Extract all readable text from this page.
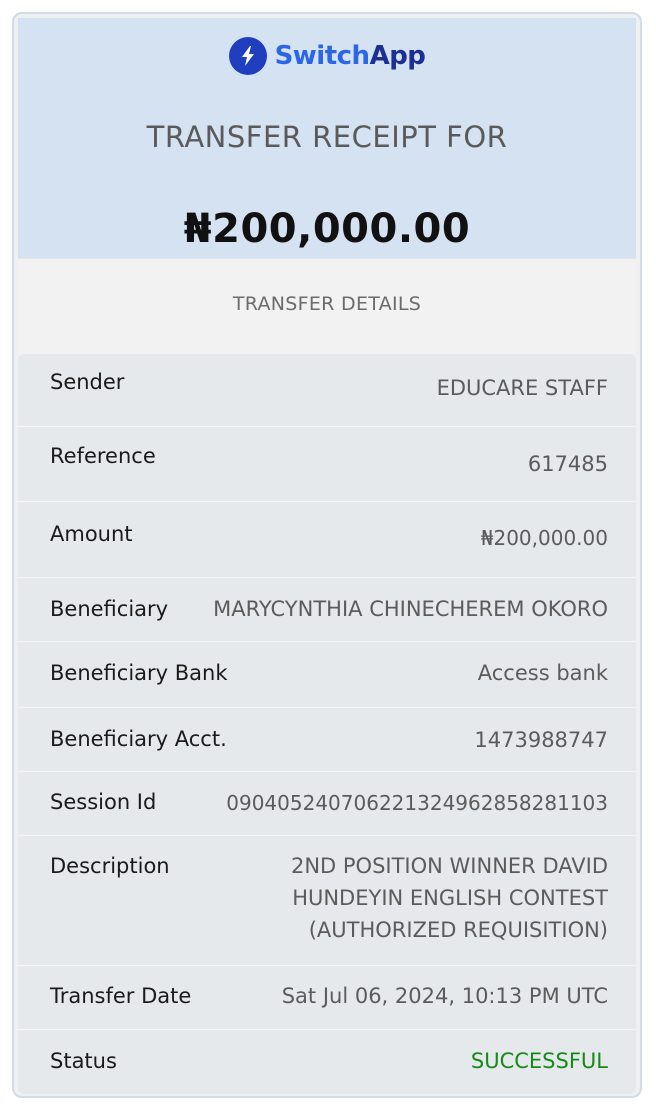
SwitchApp
TRANSFER RECEIPT FOR
₦200,000.00
TRANSFER DETAILS
Sender	EDUCARE STAFF
Reference	617485
Amount	₦200,000.00
Beneficiary MARYCYNTHIA CHINECHEREM OKORO
Beneficiary Bank	Access bank
Beneficiary Acct.	1473988747
Session Id	090405240706221324962858281103
Description	2ND POSITION WINNER DAVID HUNDEYIN ENGLISH CONTEST (AUTHORIZED REQUISITION)
Transfer Date	Sat Jul 06, 2024, 10:13 PM UTC
Status	SUCCESSFUL
